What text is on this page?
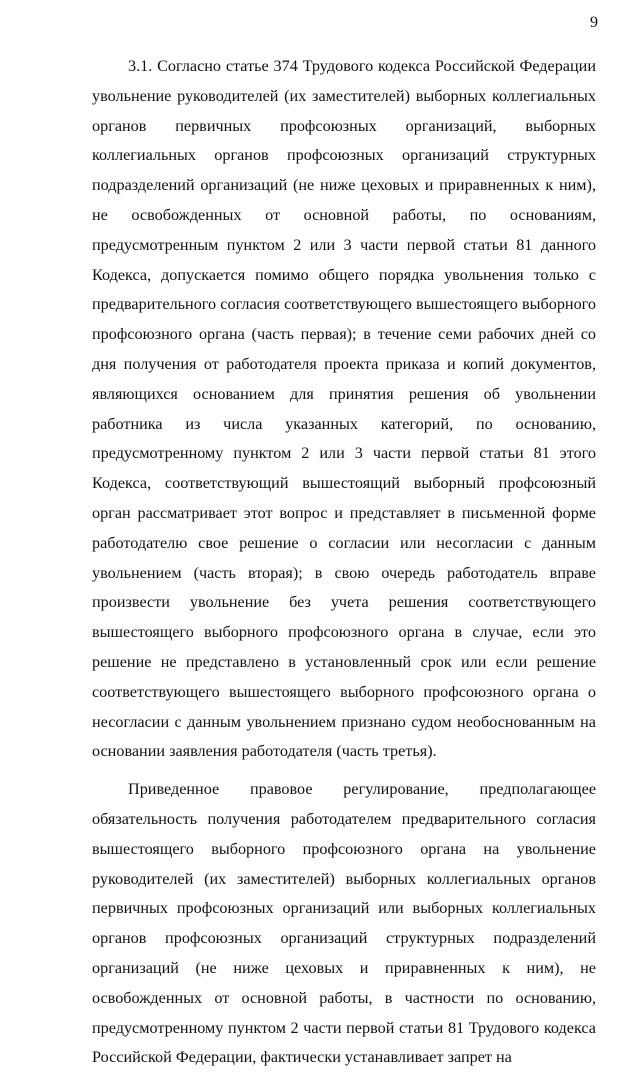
9

3.1. Согласно статье 374 Трудового кодекса Российской Федерации увольнение руководителей (их заместителей) выборных коллегиальных органов первичных профсоюзных организаций, выборных коллегиальных органов профсоюзных организаций структурных подразделений организаций (не ниже цеховых и приравненных к ним), не освобожденных от основной работы, по основаниям, предусмотренным пунктом 2 или 3 части первой статьи 81 данного Кодекса, допускается помимо общего порядка увольнения только с предварительного согласия соответствующего вышестоящего выборного профсоюзного органа (часть первая); в течение семи рабочих дней со дня получения от работодателя проекта приказа и копий документов, являющихся основанием для принятия решения об увольнении работника из числа указанных категорий, по основанию, предусмотренному пунктом 2 или 3 части первой статьи 81 этого Кодекса, соответствующий вышестоящий выборный профсоюзный орган рассматривает этот вопрос и представляет в письменной форме работодателю свое решение о согласии или несогласии с данным увольнением (часть вторая); в свою очередь работодатель вправе произвести увольнение без учета решения соответствующего вышестоящего выборного профсоюзного органа в случае, если это решение не представлено в установленный срок или если решение соответствующего вышестоящего выборного профсоюзного органа о несогласии с данным увольнением признано судом необоснованным на основании заявления работодателя (часть третья).

Приведенное правовое регулирование, предполагающее обязательность получения работодателем предварительного согласия вышестоящего выборного профсоюзного органа на увольнение руководителей (их заместителей) выборных коллегиальных органов первичных профсоюзных организаций или выборных коллегиальных органов профсоюзных организаций структурных подразделений организаций (не ниже цеховых и приравненных к ним), не освобожденных от основной работы, в частности по основанию, предусмотренному пунктом 2 части первой статьи 81 Трудового кодекса Российской Федерации, фактически устанавливает запрет на
